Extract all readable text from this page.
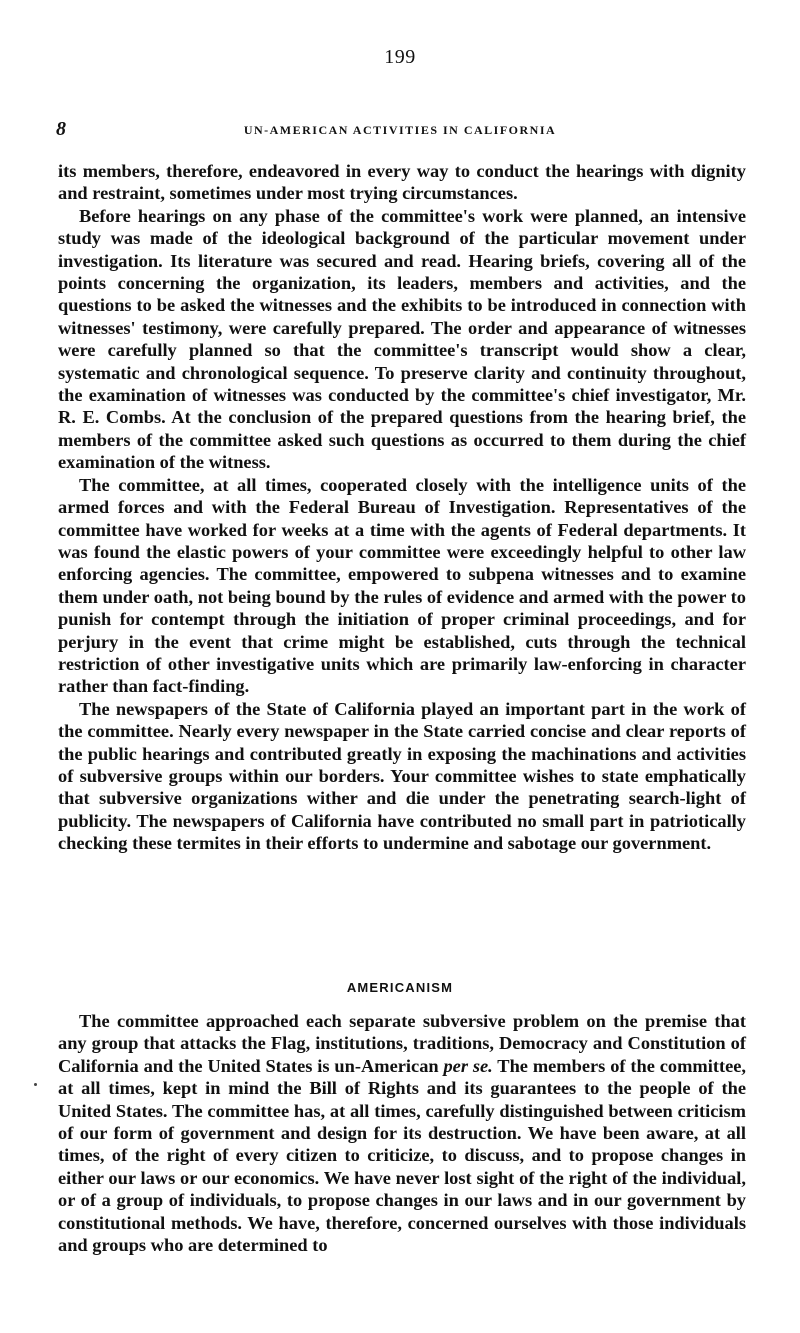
199
8	UN-AMERICAN ACTIVITIES IN CALIFORNIA

its members, therefore, endeavored in every way to conduct the hearings with dignity and restraint, sometimes under most trying circumstances.

Before hearings on any phase of the committee's work were planned, an intensive study was made of the ideological background of the particular movement under investigation. Its literature was secured and read. Hearing briefs, covering all of the points concerning the organization, its leaders, members and activities, and the questions to be asked the witnesses and the exhibits to be introduced in connection with witnesses' testimony, were carefully prepared. The order and appearance of witnesses were carefully planned so that the committee's transcript would show a clear, systematic and chronological sequence. To preserve clarity and continuity throughout, the examination of witnesses was conducted by the committee's chief investigator, Mr. R. E. Combs. At the conclusion of the prepared questions from the hearing brief, the members of the committee asked such questions as occurred to them during the chief examination of the witness.

The committee, at all times, cooperated closely with the intelligence units of the armed forces and with the Federal Bureau of Investigation. Representatives of the committee have worked for weeks at a time with the agents of Federal departments. It was found the elastic powers of your committee were exceedingly helpful to other law enforcing agencies. The committee, empowered to subpena witnesses and to examine them under oath, not being bound by the rules of evidence and armed with the power to punish for contempt through the initiation of proper criminal proceedings, and for perjury in the event that crime might be established, cuts through the technical restriction of other investigative units which are primarily law-enforcing in character rather than fact-finding.

The newspapers of the State of California played an important part in the work of the committee. Nearly every newspaper in the State carried concise and clear reports of the public hearings and contributed greatly in exposing the machinations and activities of subversive groups within our borders. Your committee wishes to state emphatically that subversive organizations wither and die under the penetrating search-light of publicity. The newspapers of California have contributed no small part in patriotically checking these termites in their efforts to undermine and sabotage our government.

AMERICANISM

The committee approached each separate subversive problem on the premise that any group that attacks the Flag, institutions, traditions, Democracy and Constitution of California and the United States is un-American per se. The members of the committee, at all times, kept in mind the Bill of Rights and its guarantees to the people of the United States. The committee has, at all times, carefully distinguished between criticism of our form of government and design for its destruction. We have been aware, at all times, of the right of every citizen to criticize, to discuss, and to propose changes in either our laws or our economics. We have never lost sight of the right of the individual, or of a group of individuals, to propose changes in our laws and in our government by constitutional methods. We have, therefore, concerned ourselves with those individuals and groups who are determined to
